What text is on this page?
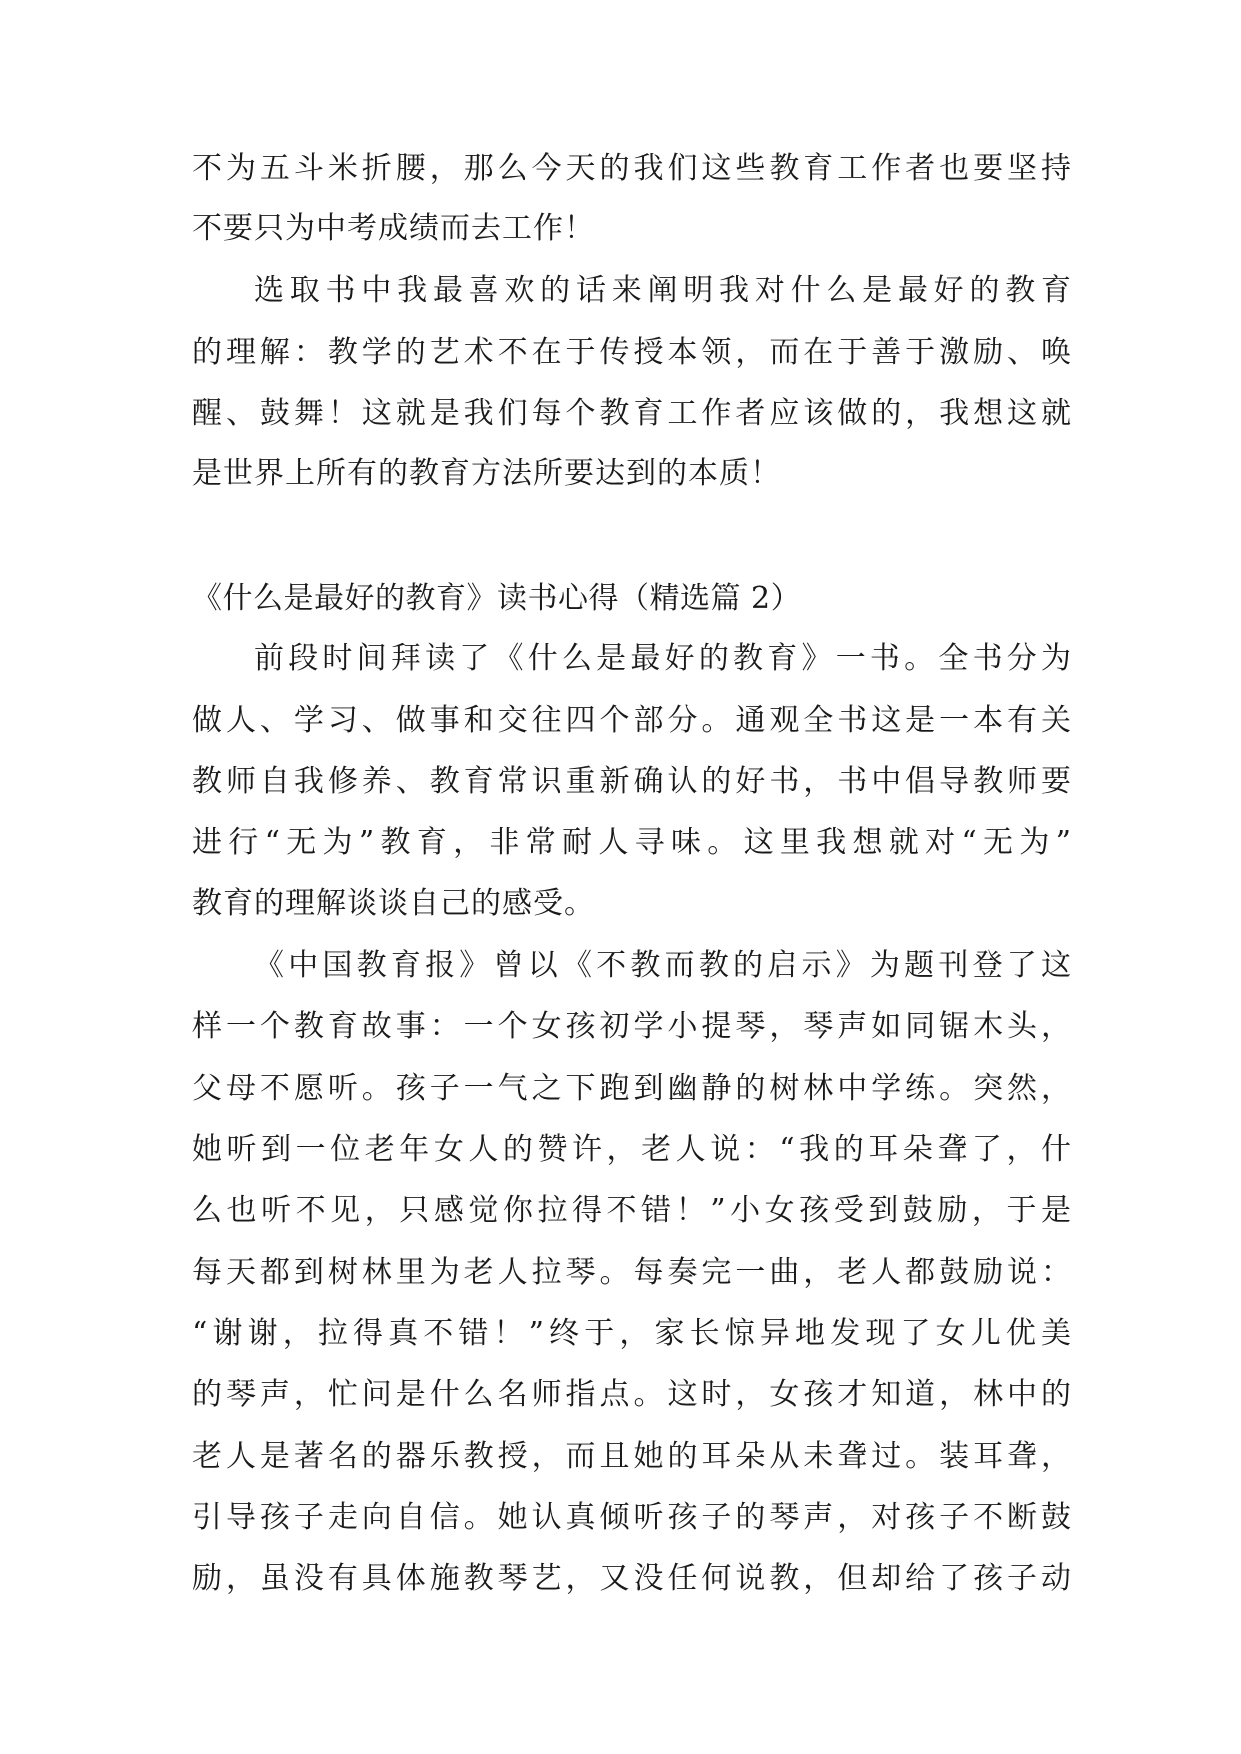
不为五斗米折腰，那么今天的我们这些教育工作者也要坚持
不要只为中考成绩而去工作！
选取书中我最喜欢的话来阐明我对什么是最好的教育
的理解：教学的艺术不在于传授本领，而在于善于激励、唤
醒、鼓舞！这就是我们每个教育工作者应该做的，我想这就
是世界上所有的教育方法所要达到的本质！
《什么是最好的教育》读书心得（精选篇 2）
前段时间拜读了《什么是最好的教育》一书。全书分为
做人、学习、做事和交往四个部分。通观全书这是一本有关
教师自我修养、教育常识重新确认的好书，书中倡导教师要
进行“无为”教育，非常耐人寻味。这里我想就对“无为”
教育的理解谈谈自己的感受。
《中国教育报》曾以《不教而教的启示》为题刊登了这
样一个教育故事：一个女孩初学小提琴，琴声如同锯木头，
父母不愿听。孩子一气之下跑到幽静的树林中学练。突然，
她听到一位老年女人的赞许，老人说：“我的耳朵聋了，什
么也听不见，只感觉你拉得不错！”小女孩受到鼓励，于是
每天都到树林里为老人拉琴。每奏完一曲，老人都鼓励说：
“谢谢，拉得真不错！”终于，家长惊异地发现了女儿优美
的琴声，忙问是什么名师指点。这时，女孩才知道，林中的
老人是著名的器乐教授，而且她的耳朵从未聋过。装耳聋，
引导孩子走向自信。她认真倾听孩子的琴声，对孩子不断鼓
励，虽没有具体施教琴艺，又没任何说教，但却给了孩子动
